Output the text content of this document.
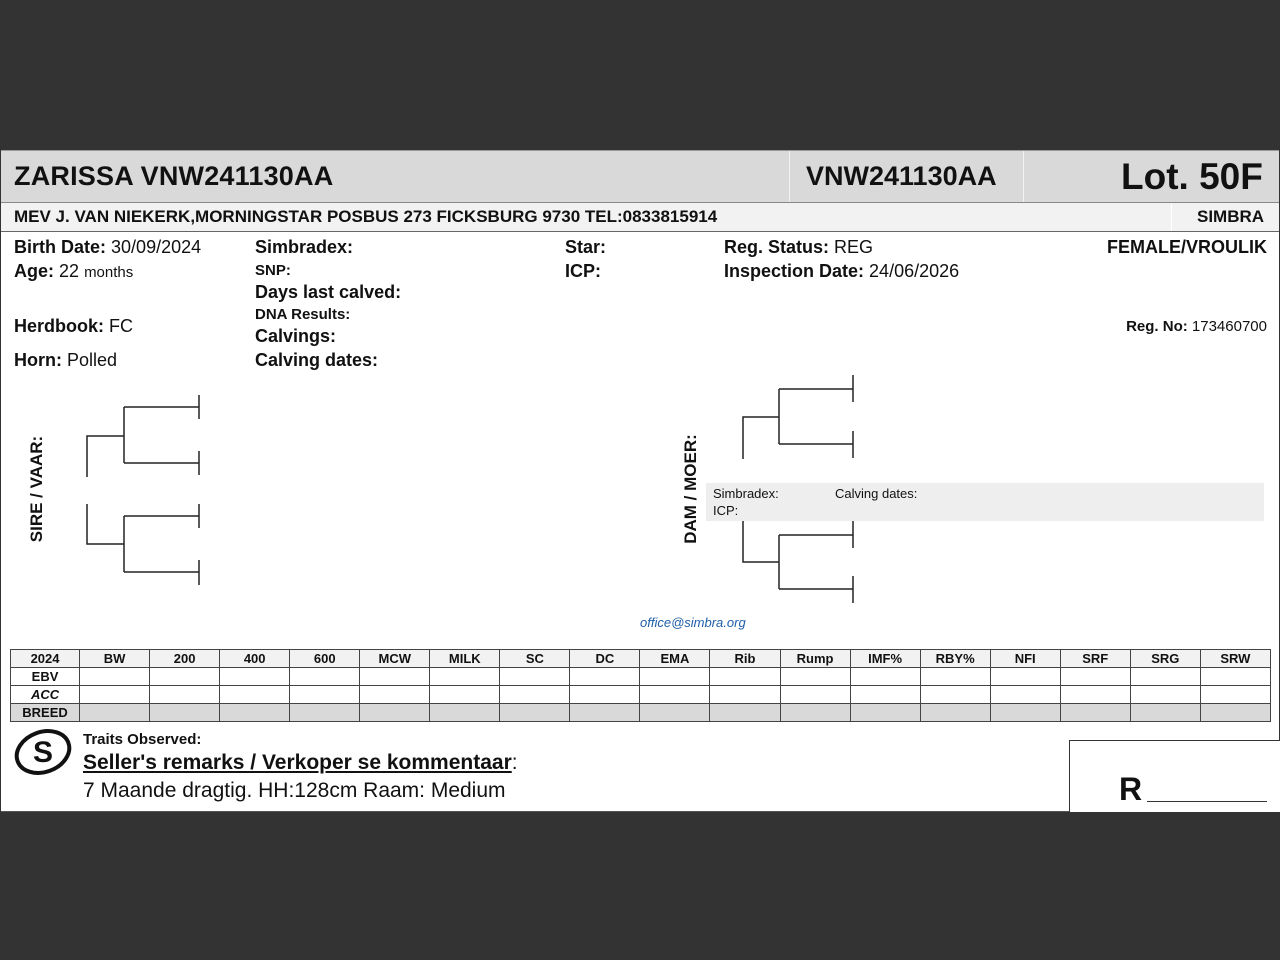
ZARISSA VNW241130AA	VNW241130AA	Lot. 50F
MEV J. VAN NIEKERK,MORNINGSTAR POSBUS 273 FICKSBURG 9730 TEL:0833815914	SIMBRA
Birth Date: 30/09/2024
Age: 22 months
Herdbook: FC
Horn: Polled
Simbradex:
SNP:
Days last calved:
DNA Results:
Calvings:
Calving dates:
Star:
ICP:
Reg. Status: REG
Inspection Date: 24/06/2026
FEMALE/VROULIK
Reg. No: 173460700
SIRE / VAAR:	DAM / MOER: Simbradex:	Calving dates:
ICP:
office@simbra.org
2024	BW	200	400	600	MCW	MILK	SC	DC	EMA	Rib	Rump	IMF%	RBY%	NFI	SRF	SRG	SRW
EBV																	
ACC																	
BREED																	
S Traits Observed:
Seller's remarks / Verkoper se kommentaar:
7 Maande dragtig. HH:128cm Raam: Medium	R
